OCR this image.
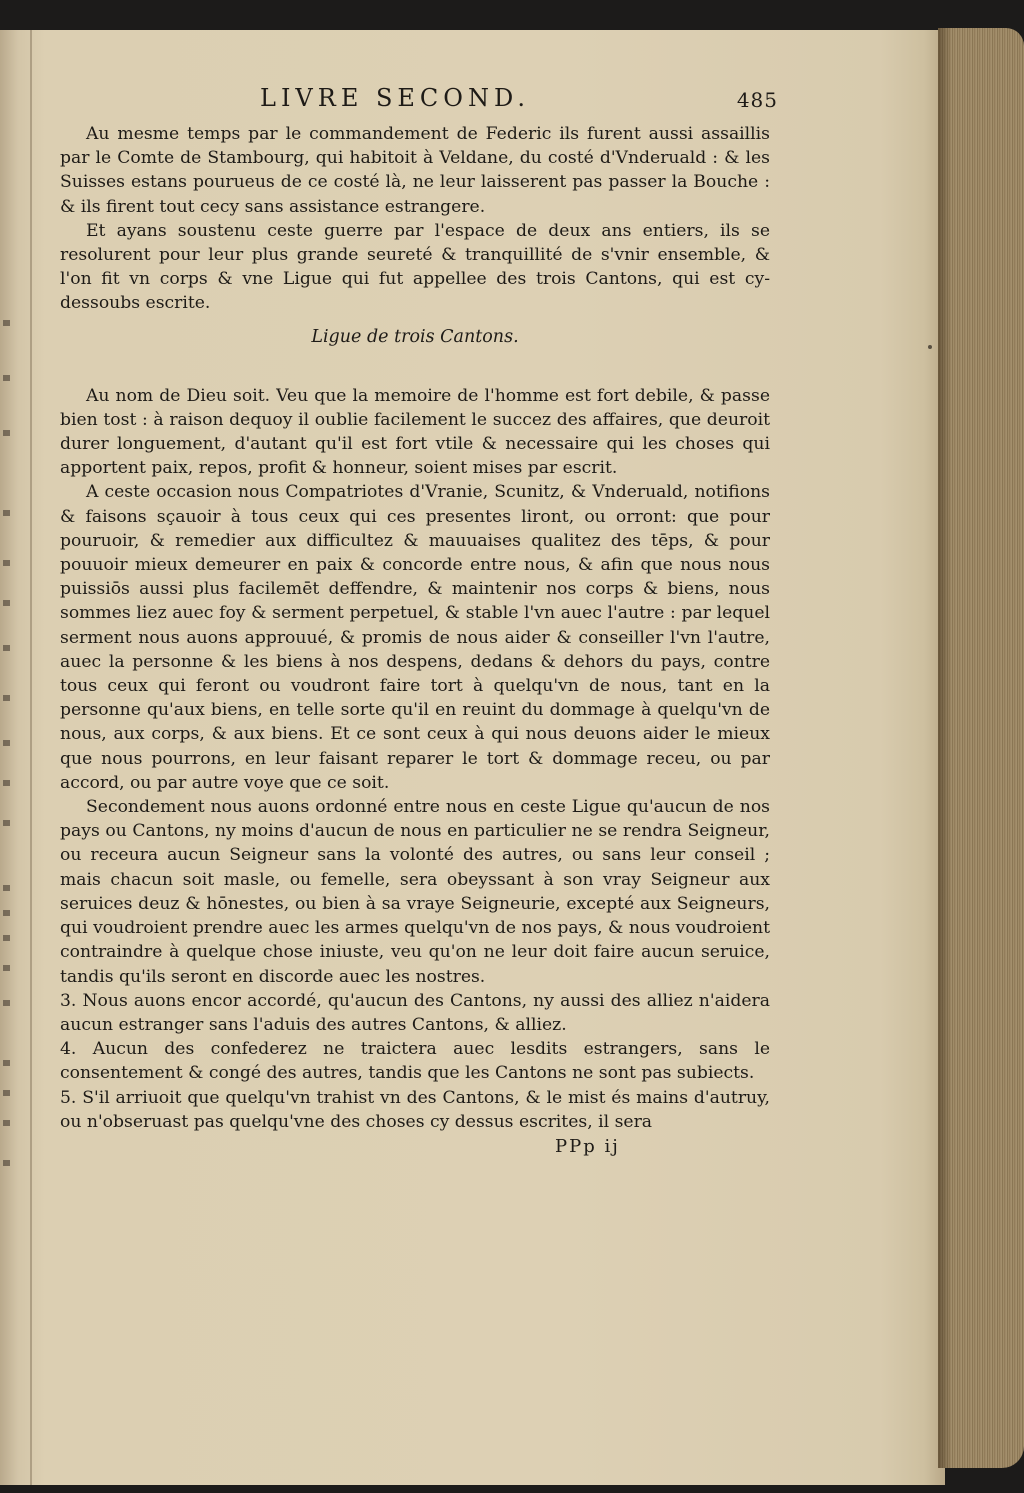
LIVRE SECOND.	485

Au mesme temps par le commandement de Federic ils furent aussi assaillis par le Comte de Stambourg, qui habitoit à Veldane, du costé d'Vnderuald : & les Suisses estans pourueus de ce costé là, ne leur laisserent pas passer la Bouche : & ils firent tout cecy sans assistance estrangere.

Et ayans soustenu ceste guerre par l'espace de deux ans entiers, ils se resolurent pour leur plus grande seureté & tranquillité de s'vnir ensemble, & l'on fit vn corps & vne Ligue qui fut appellee des trois Cantons, qui est cy-dessoubs escrite.

Ligue de trois Cantons.

Au nom de Dieu soit. Veu que la memoire de l'homme est fort debile, & passe bien tost : à raison dequoy il oublie facilement le succez des affaires, que deuroit durer longuement, d'autant qu'il est fort vtile & necessaire qui les choses qui apportent paix, repos, profit & honneur, soient mises par escrit.

A ceste occasion nous Compatriotes d'Vranie, Scunitz, & Vnderuald, notifions & faisons sçauoir à tous ceux qui ces presentes liront, ou orront: que pour pouruoir, & remedier aux difficultez & mauuaises qualitez des tēps, & pour pouuoir mieux demeurer en paix & concorde entre nous, & afin que nous nous puissiōs aussi plus facilemēt deffendre, & maintenir nos corps & biens, nous sommes liez auec foy & serment perpetuel, & stable l'vn auec l'autre : par lequel serment nous auons approuué, & promis de nous aider & conseiller l'vn l'autre, auec la personne & les biens à nos despens, dedans & dehors du pays, contre tous ceux qui feront ou voudront faire tort à quelqu'vn de nous, tant en la personne qu'aux biens, en telle sorte qu'il en reuint du dommage à quelqu'vn de nous, aux corps, & aux biens. Et ce sont ceux à qui nous deuons aider le mieux que nous pourrons, en leur faisant reparer le tort & dommage receu, ou par accord, ou par autre voye que ce soit.

Secondement nous auons ordonné entre nous en ceste Ligue qu'aucun de nos pays ou Cantons, ny moins d'aucun de nous en particulier ne se rendra Seigneur, ou receura aucun Seigneur sans la volonté des autres, ou sans leur conseil ; mais chacun soit masle, ou femelle, sera obeyssant à son vray Seigneur aux seruices deuz & hōnestes, ou bien à sa vraye Seigneurie, excepté aux Seigneurs, qui voudroient prendre auec les armes quelqu'vn de nos pays, & nous voudroient contraindre à quelque chose iniuste, veu qu'on ne leur doit faire aucun seruice, tandis qu'ils seront en discorde auec les nostres.

3. Nous auons encor accordé, qu'aucun des Cantons, ny aussi des alliez n'aidera aucun estranger sans l'aduis des autres Cantons, & alliez.

4. Aucun des confederez ne traictera auec lesdits estrangers, sans le consentement & congé des autres, tandis que les Cantons ne sont pas subiects.

5. S'il arriuoit que quelqu'vn trahist vn des Cantons, & le mist és mains d'autruy, ou n'obseruast pas quelqu'vne des choses cy dessus escrites, il sera

PPp ij
